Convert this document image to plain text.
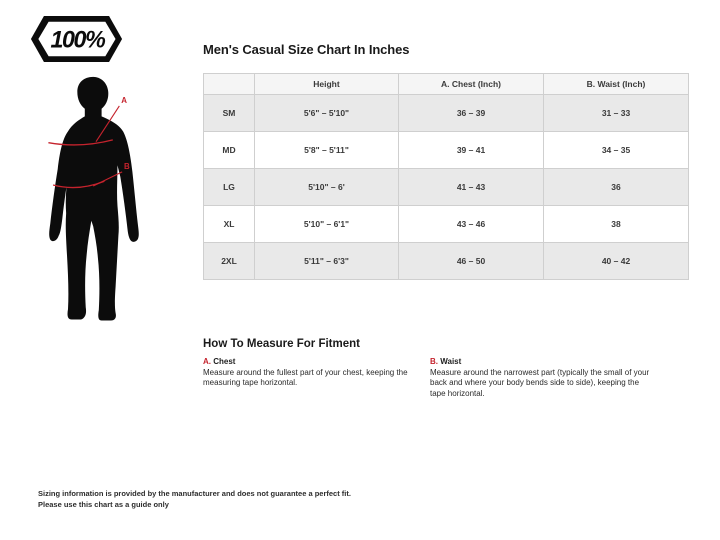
100%
A
B
Men's Casual Size Chart In Inches
	Height	A. Chest (Inch)	B. Waist (Inch)
SM	5'6" – 5'10"	36 – 39	31 – 33
MD	5'8" – 5'11"	39 – 41	34 – 35
LG	5'10" – 6'	41 – 43	36
XL	5'10" – 6'1"	43 – 46	38
2XL	5'11" – 6'3"	46 – 50	40 – 42
How To Measure For Fitment
A. Chest

Measure around the fullest part of your chest, keeping the measuring tape horizontal.

B. Waist

Measure around the narrowest part (typically the small of your back and where your body bends side to side), keeping the tape horizontal.

Sizing information is provided by the manufacturer and does not guarantee a perfect fit.
Please use this chart as a guide only
